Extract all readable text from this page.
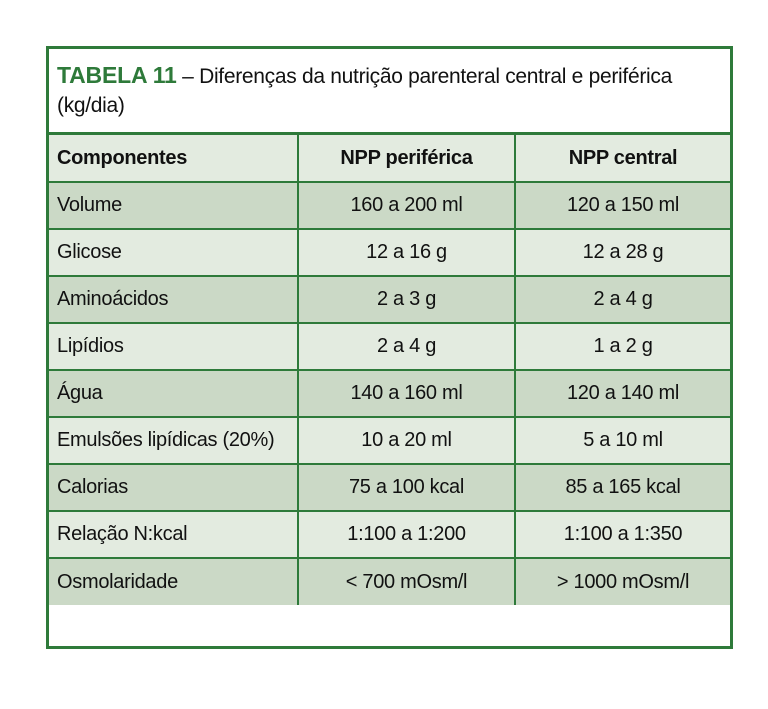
TABELA 11 – Diferenças da nutrição parenteral central e periférica (kg/dia)
Componentes	NPP periférica	NPP central
Volume	160 a 200 ml	120 a 150 ml
Glicose	12 a 16 g	12 a 28 g
Aminoácidos	2 a 3 g	2 a 4 g
Lipídios	2 a 4 g	1 a 2 g
Água	140 a 160 ml	120 a 140 ml
Emulsões lipídicas (20%)	10 a 20 ml	5 a 10 ml
Calorias	75 a 100 kcal	85 a 165 kcal
Relação N:kcal	1:100 a 1:200	1:100 a 1:350
Osmolaridade	< 700 mOsm/l	> 1000 mOsm/l
